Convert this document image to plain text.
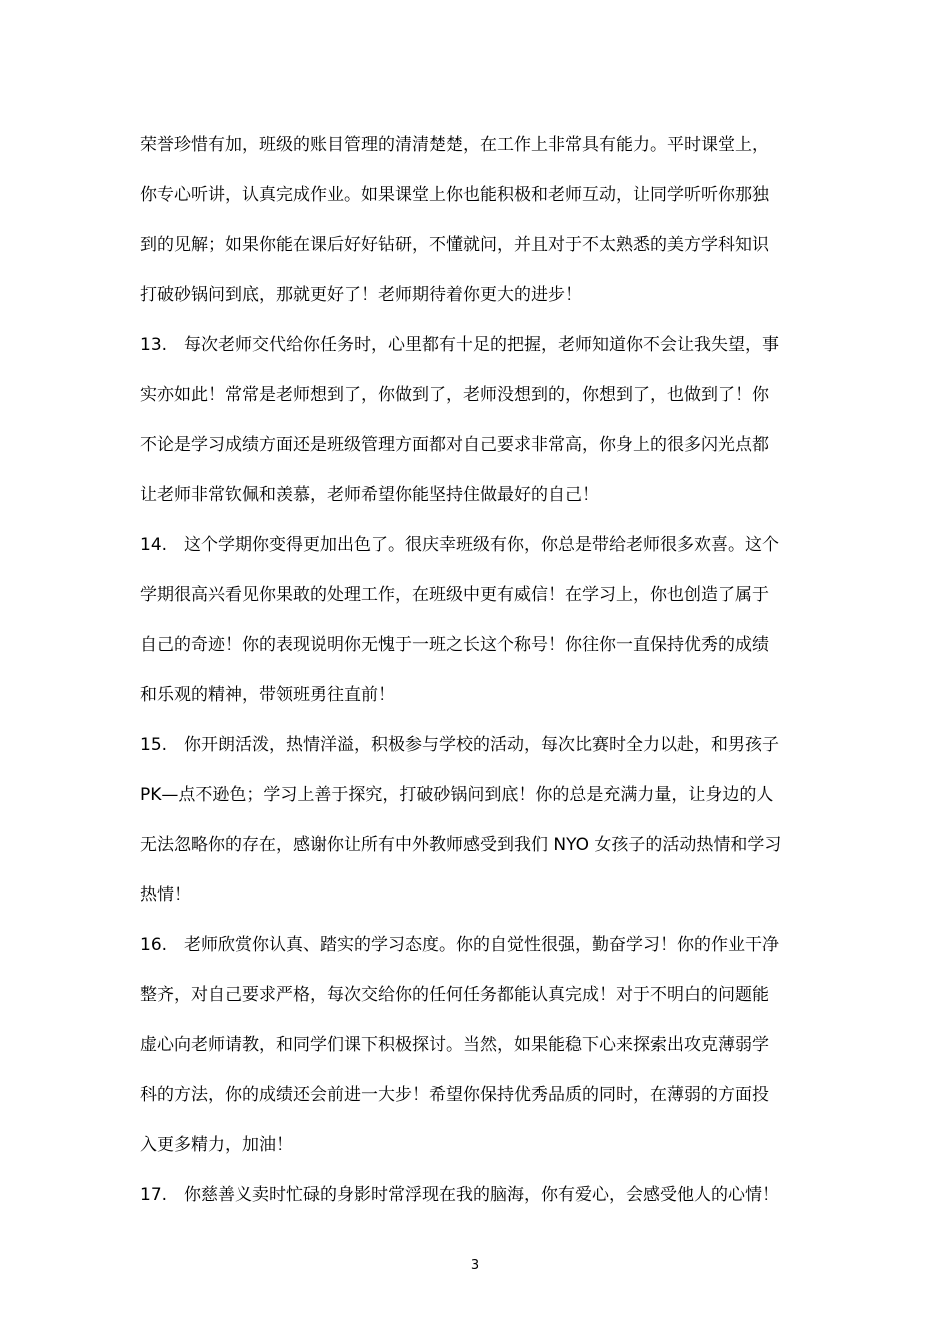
荣誉珍惜有加，班级的账目管理的清清楚楚，在工作上非常具有能力。平时课堂上，
你专心听讲，认真完成作业。如果课堂上你也能积极和老师互动，让同学听听你那独
到的见解；如果你能在课后好好钻研，不懂就问，并且对于不太熟悉的美方学科知识
打破砂锅问到底，那就更好了！老师期待着你更大的进步！
13.　每次老师交代给你任务时，心里都有十足的把握，老师知道你不会让我失望，事
实亦如此！常常是老师想到了，你做到了，老师没想到的，你想到了，也做到了！你
不论是学习成绩方面还是班级管理方面都对自己要求非常高，你身上的很多闪光点都
让老师非常钦佩和羡慕，老师希望你能坚持住做最好的自己！
14.　这个学期你变得更加出色了。很庆幸班级有你，你总是带给老师很多欢喜。这个
学期很高兴看见你果敢的处理工作，在班级中更有威信！在学习上，你也创造了属于
自己的奇迹！你的表现说明你无愧于一班之长这个称号！你往你一直保持优秀的成绩
和乐观的精神，带领班勇往直前！
15.　你开朗活泼，热情洋溢，积极参与学校的活动，每次比赛时全力以赴，和男孩子
PK—点不逊色；学习上善于探究，打破砂锅问到底！你的总是充满力量，让身边的人
无法忽略你的存在，感谢你让所有中外教师感受到我们 NYO 女孩子的活动热情和学习
热情！
16.　老师欣赏你认真、踏实的学习态度。你的自觉性很强，勤奋学习！你的作业干净
整齐，对自己要求严格，每次交给你的任何任务都能认真完成！对于不明白的问题能
虚心向老师请教，和同学们课下积极探讨。当然，如果能稳下心来探索出攻克薄弱学
科的方法，你的成绩还会前进一大步！希望你保持优秀品质的同时，在薄弱的方面投
入更多精力，加油！
17.　你慈善义卖时忙碌的身影时常浮现在我的脑海，你有爱心，会感受他人的心情！
3
